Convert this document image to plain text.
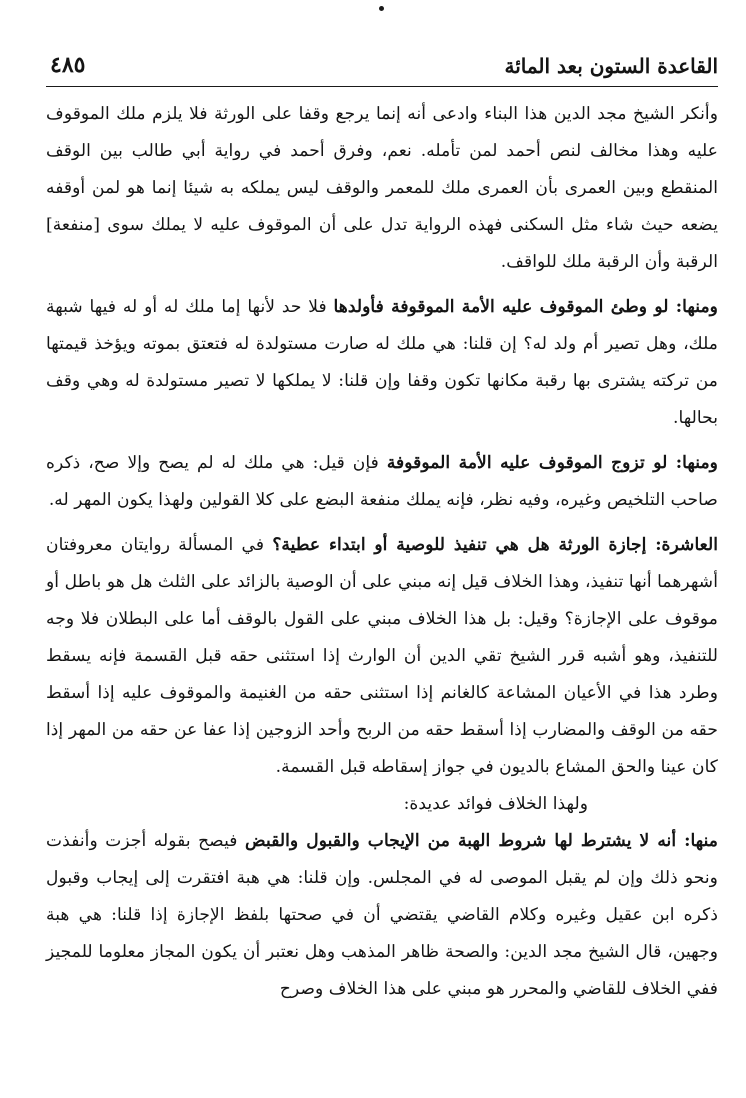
القاعدة الستون بعد المائة
٤٨٥

وأنكر الشيخ مجد الدين هذا البناء وادعى أنه إنما يرجع وقفا على الورثة فلا يلزم ملك الموقوف عليه وهذا مخالف لنص أحمد لمن تأمله. نعم، وفرق أحمد في رواية أبي طالب بين الوقف المنقطع وبين العمرى بأن العمرى ملك للمعمر والوقف ليس يملكه به شيئا إنما هو لمن أوقفه يضعه حيث شاء مثل السكنى فهذه الرواية تدل على أن الموقوف عليه لا يملك سوى [منفعة] الرقبة وأن الرقبة ملك للواقف.

ومنها: لو وطئ الموقوف عليه الأمة الموقوفة فأولدها فلا حد لأنها إما ملك له أو له فيها شبهة ملك، وهل تصير أم ولد له؟ إن قلنا: هي ملك له صارت مستولدة له فتعتق بموته ويؤخذ قيمتها من تركته يشترى بها رقبة مكانها تكون وقفا وإن قلنا: لا يملكها لا تصير مستولدة له وهي وقف بحالها.

ومنها: لو تزوج الموقوف عليه الأمة الموقوفة فإن قيل: هي ملك له لم يصح وإلا صح، ذكره صاحب التلخيص وغيره، وفيه نظر، فإنه يملك منفعة البضع على كلا القولين ولهذا يكون المهر له.

العاشرة: إجازة الورثة هل هي تنفيذ للوصية أو ابتداء عطية؟ في المسألة روايتان معروفتان أشهرهما أنها تنفيذ، وهذا الخلاف قيل إنه مبني على أن الوصية بالزائد على الثلث هل هو باطل أو موقوف على الإجازة؟ وقيل: بل هذا الخلاف مبني على القول بالوقف أما على البطلان فلا وجه للتنفيذ، وهو أشبه قرر الشيخ تقي الدين أن الوارث إذا استثنى حقه قبل القسمة فإنه يسقط وطرد هذا في الأعيان المشاعة كالغانم إذا استثنى حقه من الغنيمة والموقوف عليه إذا أسقط حقه من الوقف والمضارب إذا أسقط حقه من الربح وأحد الزوجين إذا عفا عن حقه من المهر إذا كان عينا والحق المشاع بالديون في جواز إسقاطه قبل القسمة.

ولهذا الخلاف فوائد عديدة:

منها: أنه لا يشترط لها شروط الهبة من الإيجاب والقبول والقبض فيصح بقوله أجزت وأنفذت ونحو ذلك وإن لم يقبل الموصى له في المجلس. وإن قلنا: هي هبة افتقرت إلى إيجاب وقبول ذكره ابن عقيل وغيره وكلام القاضي يقتضي أن في صحتها بلفظ الإجازة إذا قلنا: هي هبة وجهين، قال الشيخ مجد الدين: والصحة ظاهر المذهب وهل نعتبر أن يكون المجاز معلوما للمجيز ففي الخلاف للقاضي والمحرر هو مبني على هذا الخلاف وصرح
